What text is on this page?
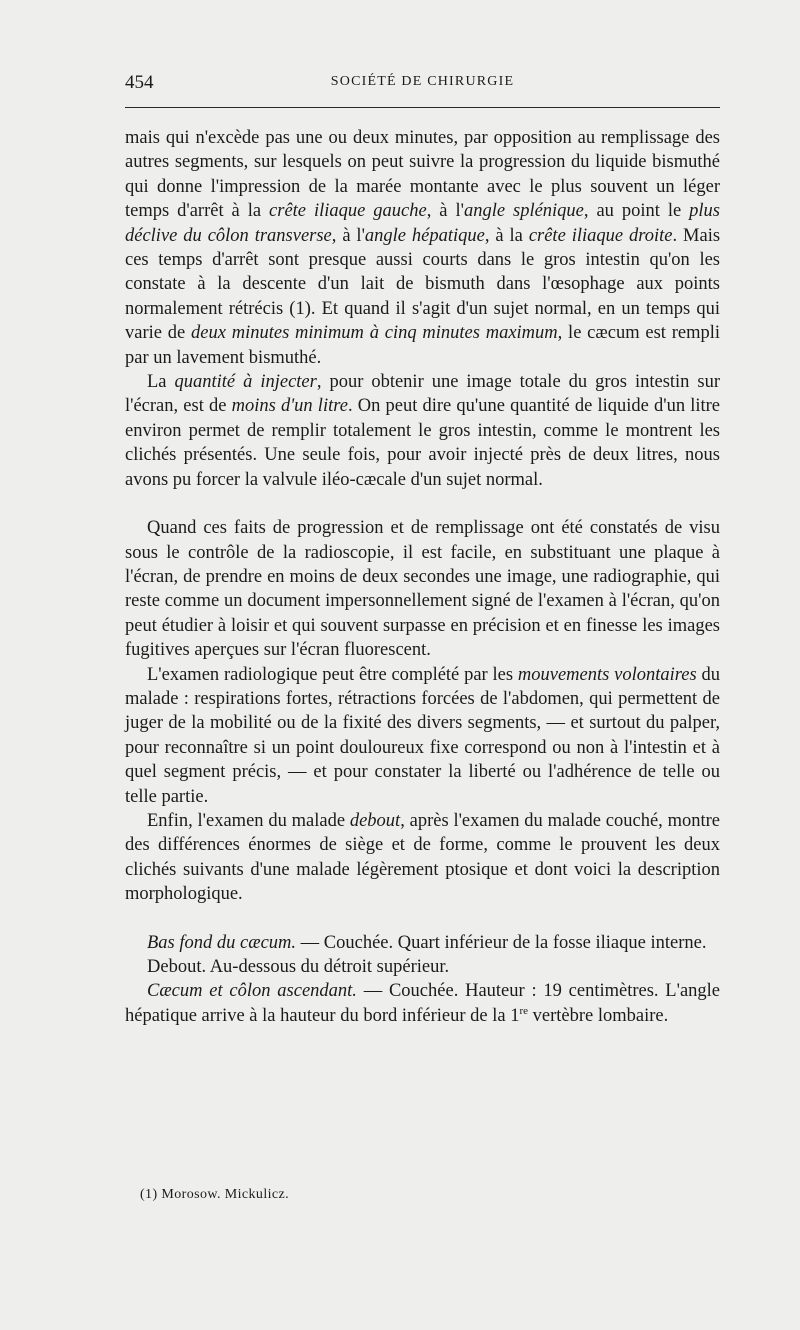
454	SOCIÉTÉ DE CHIRURGIE

mais qui n'excède pas une ou deux minutes, par opposition au remplissage des autres segments, sur lesquels on peut suivre la progression du liquide bismuthé qui donne l'impression de la marée montante avec le plus souvent un léger temps d'arrêt à la crête iliaque gauche, à l'angle splénique, au point le plus déclive du côlon transverse, à l'angle hépatique, à la crête iliaque droite. Mais ces temps d'arrêt sont presque aussi courts dans le gros intestin qu'on les constate à la descente d'un lait de bismuth dans l'œsophage aux points normalement rétrécis (1). Et quand il s'agit d'un sujet normal, en un temps qui varie de deux minutes minimum à cinq minutes maximum, le cæcum est rempli par un lavement bismuthé.

La quantité à injecter, pour obtenir une image totale du gros intestin sur l'écran, est de moins d'un litre. On peut dire qu'une quantité de liquide d'un litre environ permet de remplir totalement le gros intestin, comme le montrent les clichés présentés. Une seule fois, pour avoir injecté près de deux litres, nous avons pu forcer la valvule iléo-cæcale d'un sujet normal.

Quand ces faits de progression et de remplissage ont été constatés de visu sous le contrôle de la radioscopie, il est facile, en substituant une plaque à l'écran, de prendre en moins de deux secondes une image, une radiographie, qui reste comme un document impersonnellement signé de l'examen à l'écran, qu'on peut étudier à loisir et qui souvent surpasse en précision et en finesse les images fugitives aperçues sur l'écran fluorescent.

L'examen radiologique peut être complété par les mouvements volontaires du malade : respirations fortes, rétractions forcées de l'abdomen, qui permettent de juger de la mobilité ou de la fixité des divers segments, — et surtout du palper, pour reconnaître si un point douloureux fixe correspond ou non à l'intestin et à quel segment précis, — et pour constater la liberté ou l'adhérence de telle ou telle partie.

Enfin, l'examen du malade debout, après l'examen du malade couché, montre des différences énormes de siège et de forme, comme le prouvent les deux clichés suivants d'une malade légèrement ptosique et dont voici la description morphologique.

Bas fond du cæcum. — Couchée. Quart inférieur de la fosse iliaque interne.

Debout. Au-dessous du détroit supérieur.

Cæcum et côlon ascendant. — Couchée. Hauteur : 19 centimètres. L'angle hépatique arrive à la hauteur du bord inférieur de la 1re vertèbre lombaire.

(1) Morosow. Mickulicz.
